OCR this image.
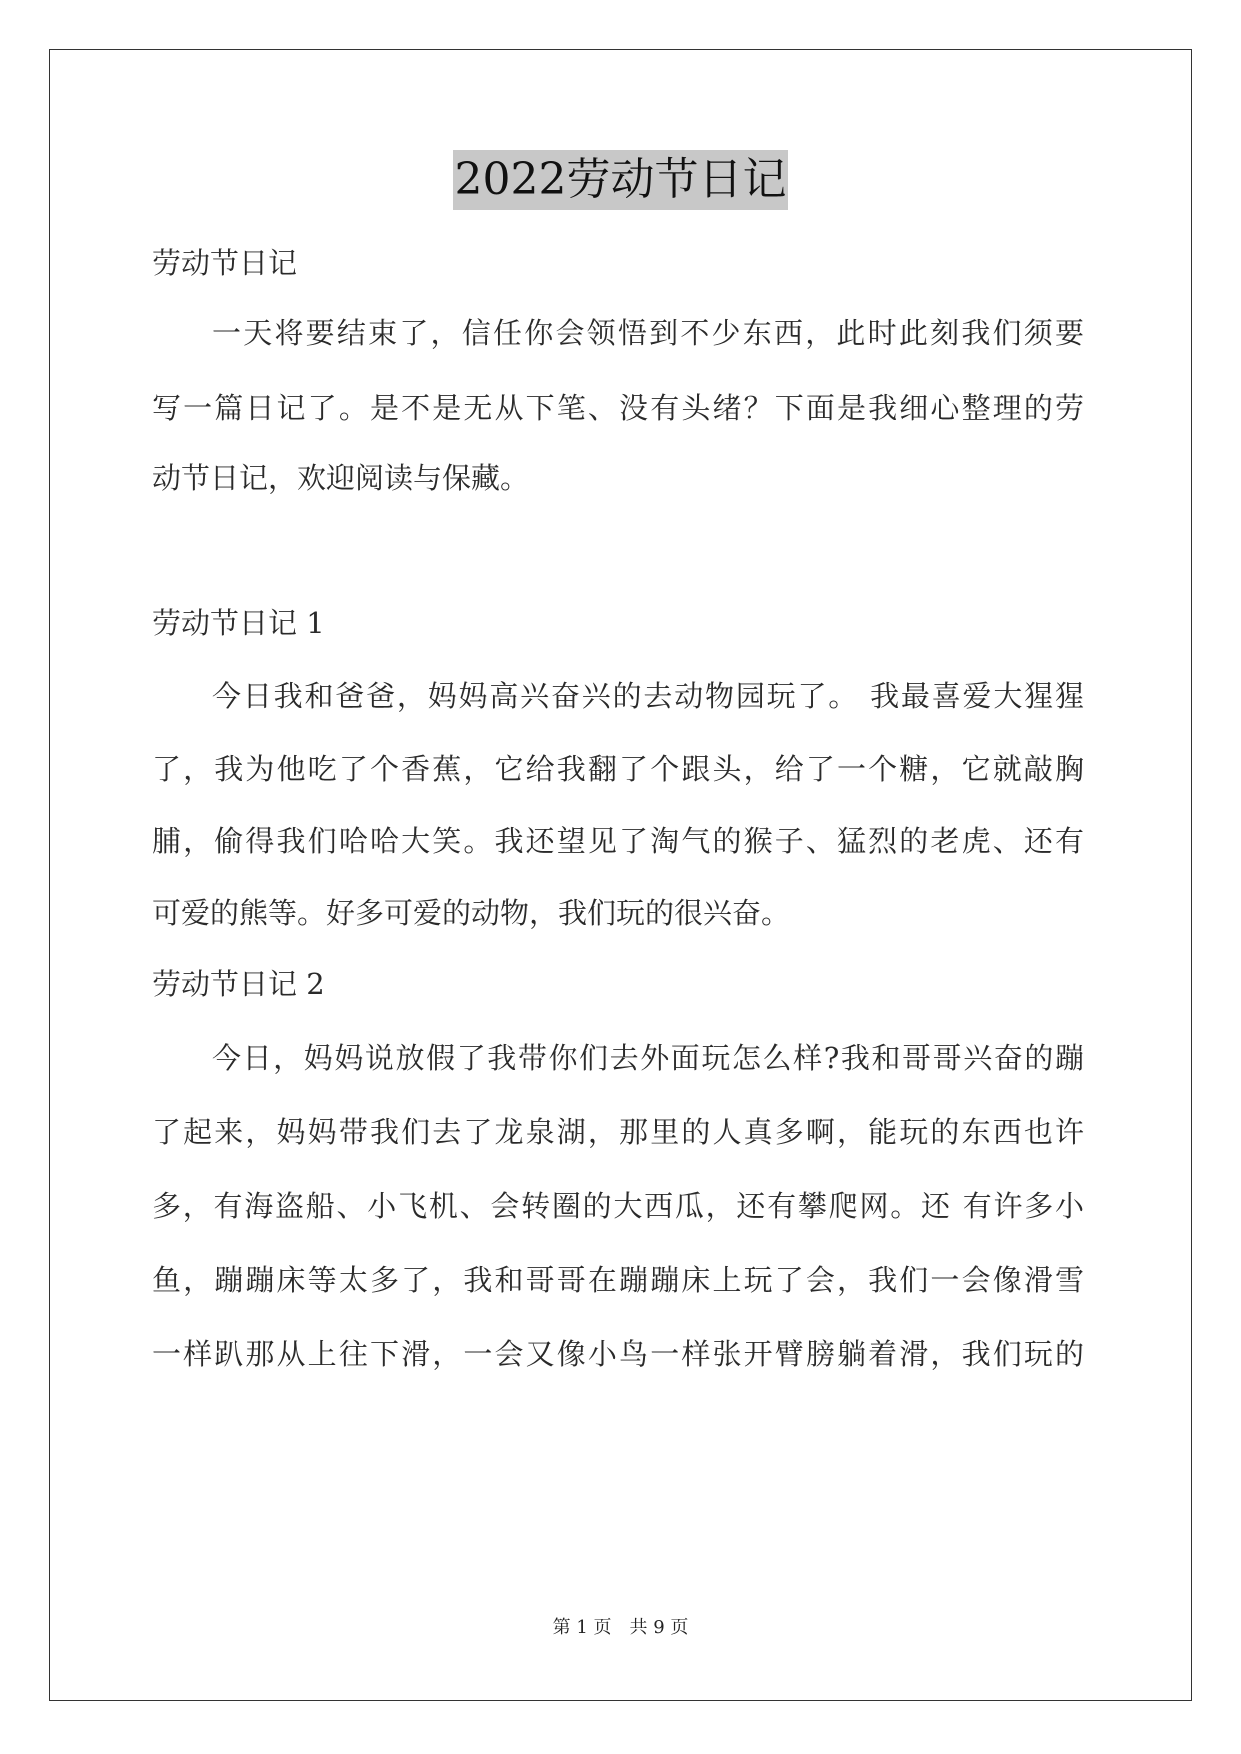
2022劳动节日记
劳动节日记
一天将要结束了，信任你会领悟到不少东西，此时此刻我们须要
写一篇日记了。是不是无从下笔、没有头绪？下面是我细心整理的劳
动节日记，欢迎阅读与保藏。
劳动节日记 1
今日我和爸爸，妈妈高兴奋兴的去动物园玩了。 我最喜爱大猩猩
了，我为他吃了个香蕉，它给我翻了个跟头，给了一个糖，它就敲胸
脯，偷得我们哈哈大笑。我还望见了淘气的猴子、猛烈的老虎、还有
可爱的熊等。好多可爱的动物，我们玩的很兴奋。
劳动节日记 2
今日，妈妈说放假了我带你们去外面玩怎么样?我和哥哥兴奋的蹦
了起来，妈妈带我们去了龙泉湖，那里的人真多啊，能玩的东西也许
多，有海盗船、小飞机、会转圈的大西瓜，还有攀爬网。还 有许多小
鱼，蹦蹦床等太多了，我和哥哥在蹦蹦床上玩了会，我们一会像滑雪
一样趴那从上往下滑，一会又像小鸟一样张开臂膀躺着滑，我们玩的
第 1 页　共 9 页
